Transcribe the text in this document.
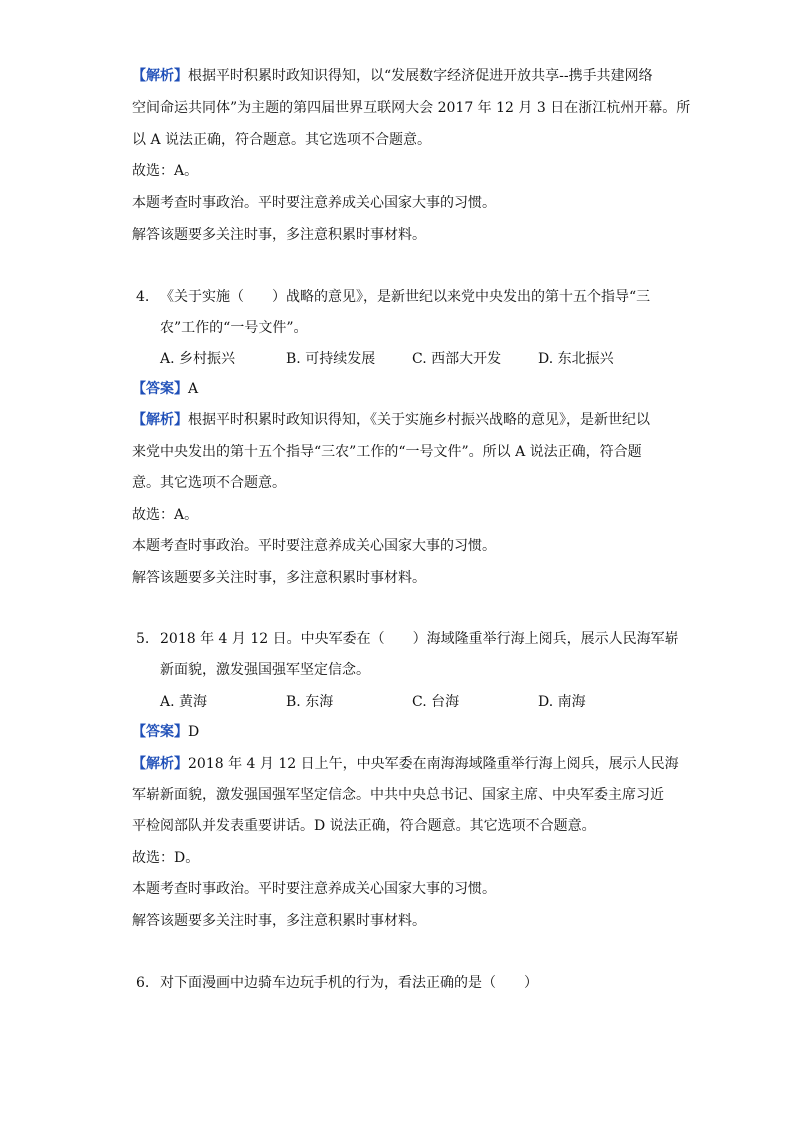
【解析】根据平时积累时政知识得知，以“发展数字经济促进开放共享--携手共建网络
空间命运共同体”为主题的第四届世界互联网大会 2017 年 12 月 3 日在浙江杭州开幕。所
以 A 说法正确，符合题意。其它选项不合题意。
故选：A。
本题考查时事政治。平时要注意养成关心国家大事的习惯。
解答该题要多关注时事，多注意积累时事材料。
4. 《关于实施（　　）战略的意见》，是新世纪以来党中央发出的第十五个指导“三
农”工作的“一号文件”。
A. 乡村振兴	B. 可持续发展	C. 西部大开发	D. 东北振兴
【答案】A
【解析】根据平时积累时政知识得知，《关于实施乡村振兴战略的意见》，是新世纪以
来党中央发出的第十五个指导“三农”工作的“一号文件”。所以 A 说法正确，符合题
意。其它选项不合题意。
故选：A。
本题考查时事政治。平时要注意养成关心国家大事的习惯。
解答该题要多关注时事，多注意积累时事材料。
5. 2018 年 4 月 12 日。中央军委在（　　）海域隆重举行海上阅兵，展示人民海军崭
新面貌，激发强国强军坚定信念。
A. 黄海	B. 东海	C. 台海	D. 南海
【答案】D
【解析】2018 年 4 月 12 日上午，中央军委在南海海域隆重举行海上阅兵，展示人民海
军崭新面貌，激发强国强军坚定信念。中共中央总书记、国家主席、中央军委主席习近
平检阅部队并发表重要讲话。D 说法正确，符合题意。其它选项不合题意。
故选：D。
本题考查时事政治。平时要注意养成关心国家大事的习惯。
解答该题要多关注时事，多注意积累时事材料。
6. 对下面漫画中边骑车边玩手机的行为，看法正确的是（　　）
